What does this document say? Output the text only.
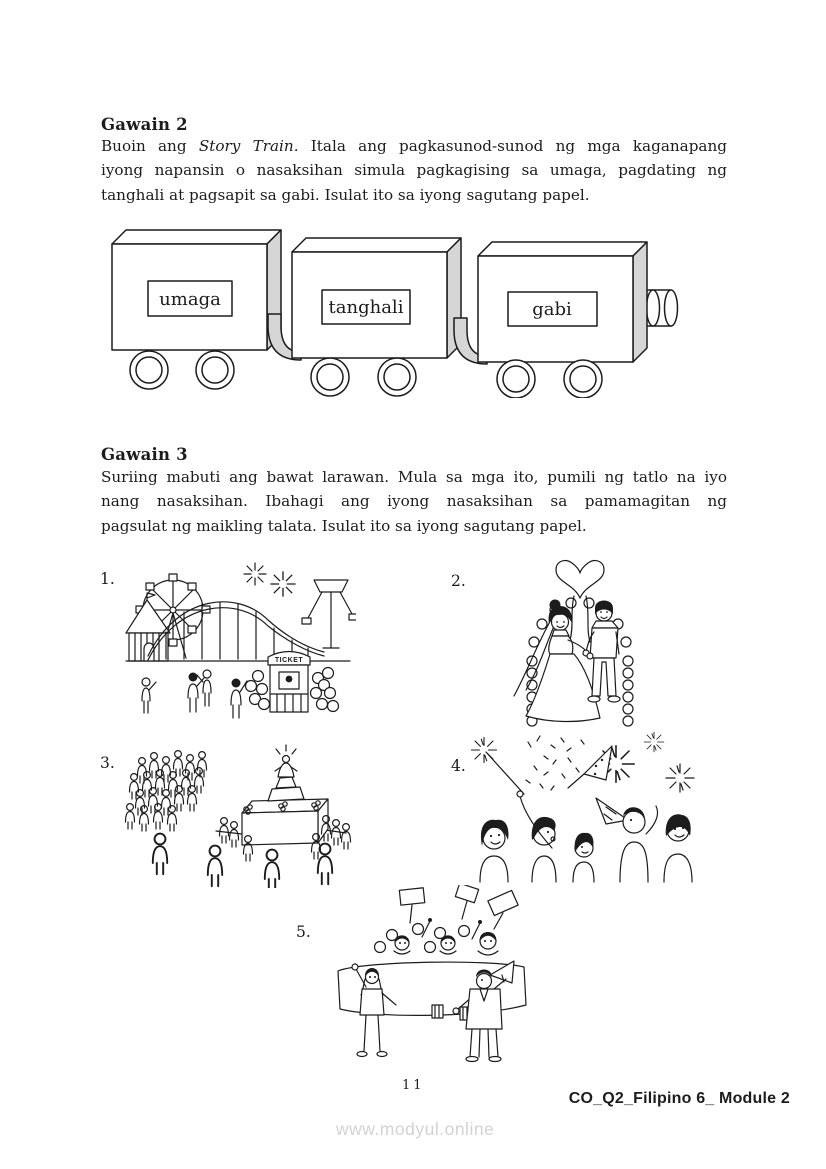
Gawain 2
Buoin ang Story Train. Itala ang pagkasunod-sunod ng mga kaganapang
iyong napansin o nasaksihan simula pagkagising sa umaga, pagdating ng
tanghali at pagsapit sa gabi. Isulat ito sa iyong sagutang papel.
umaga	tanghali	gabi
Gawain 3
Suriing mabuti ang bawat larawan. Mula sa mga ito, pumili ng tatlo na iyo
nang nasaksihan. Ibahagi ang iyong nasaksihan sa pamamagitan ng
pagsulat ng maikling talata. Isulat ito sa iyong sagutang papel.
1.	2.
3.	4.
5.
TICKET
11
CO_Q2_Filipino 6_ Module 2
www.modyul.online
